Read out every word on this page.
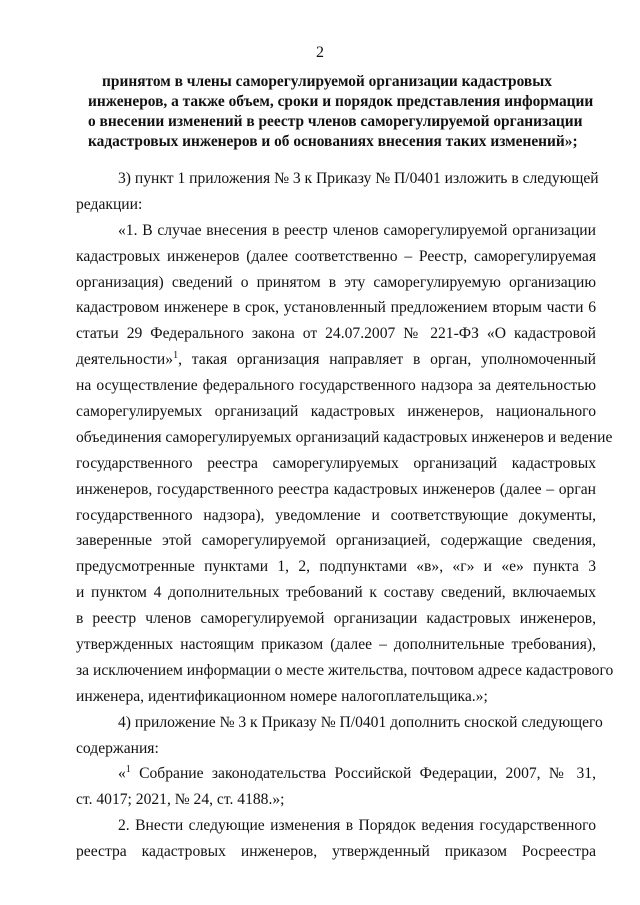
2
принятом в члены саморегулируемой организации кадастровых
инженеров, а также объем, сроки и порядок представления информации
о внесении изменений в реестр членов саморегулируемой организации
кадастровых инженеров и об основаниях внесения таких изменений»;
3) пункт 1 приложения № 3 к Приказу № П/0401 изложить в следующей
редакции:
«1. В случае внесения в реестр членов саморегулируемой организации
кадастровых инженеров (далее соответственно – Реестр, саморегулируемая
организация) сведений о принятом в эту саморегулируемую организацию
кадастровом инженере в срок, установленный предложением вторым части 6
статьи 29 Федерального закона от 24.07.2007 № 221-ФЗ «О кадастровой
деятельности»$^1$, такая организация направляет в орган, уполномоченный
на осуществление федерального государственного надзора за деятельностью
саморегулируемых организаций кадастровых инженеров, национального
объединения саморегулируемых организаций кадастровых инженеров и ведение
государственного реестра саморегулируемых организаций кадастровых
инженеров, государственного реестра кадастровых инженеров (далее – орган
государственного надзора), уведомление и соответствующие документы,
заверенные этой саморегулируемой организацией, содержащие сведения,
предусмотренные пунктами 1, 2, подпунктами «в», «г» и «е» пункта 3
и пунктом 4 дополнительных требований к составу сведений, включаемых
в реестр членов саморегулируемой организации кадастровых инженеров,
утвержденных настоящим приказом (далее – дополнительные требования),
за исключением информации о месте жительства, почтовом адресе кадастрового
инженера, идентификационном номере налогоплательщика.»;
4) приложение № 3 к Приказу № П/0401 дополнить сноской следующего
содержания:
«$^1$ Собрание законодательства Российской Федерации, 2007, № 31,
ст. 4017; 2021, № 24, ст. 4188.»;
2. Внести следующие изменения в Порядок ведения государственного
реестра кадастровых инженеров, утвержденный приказом Росреестра
